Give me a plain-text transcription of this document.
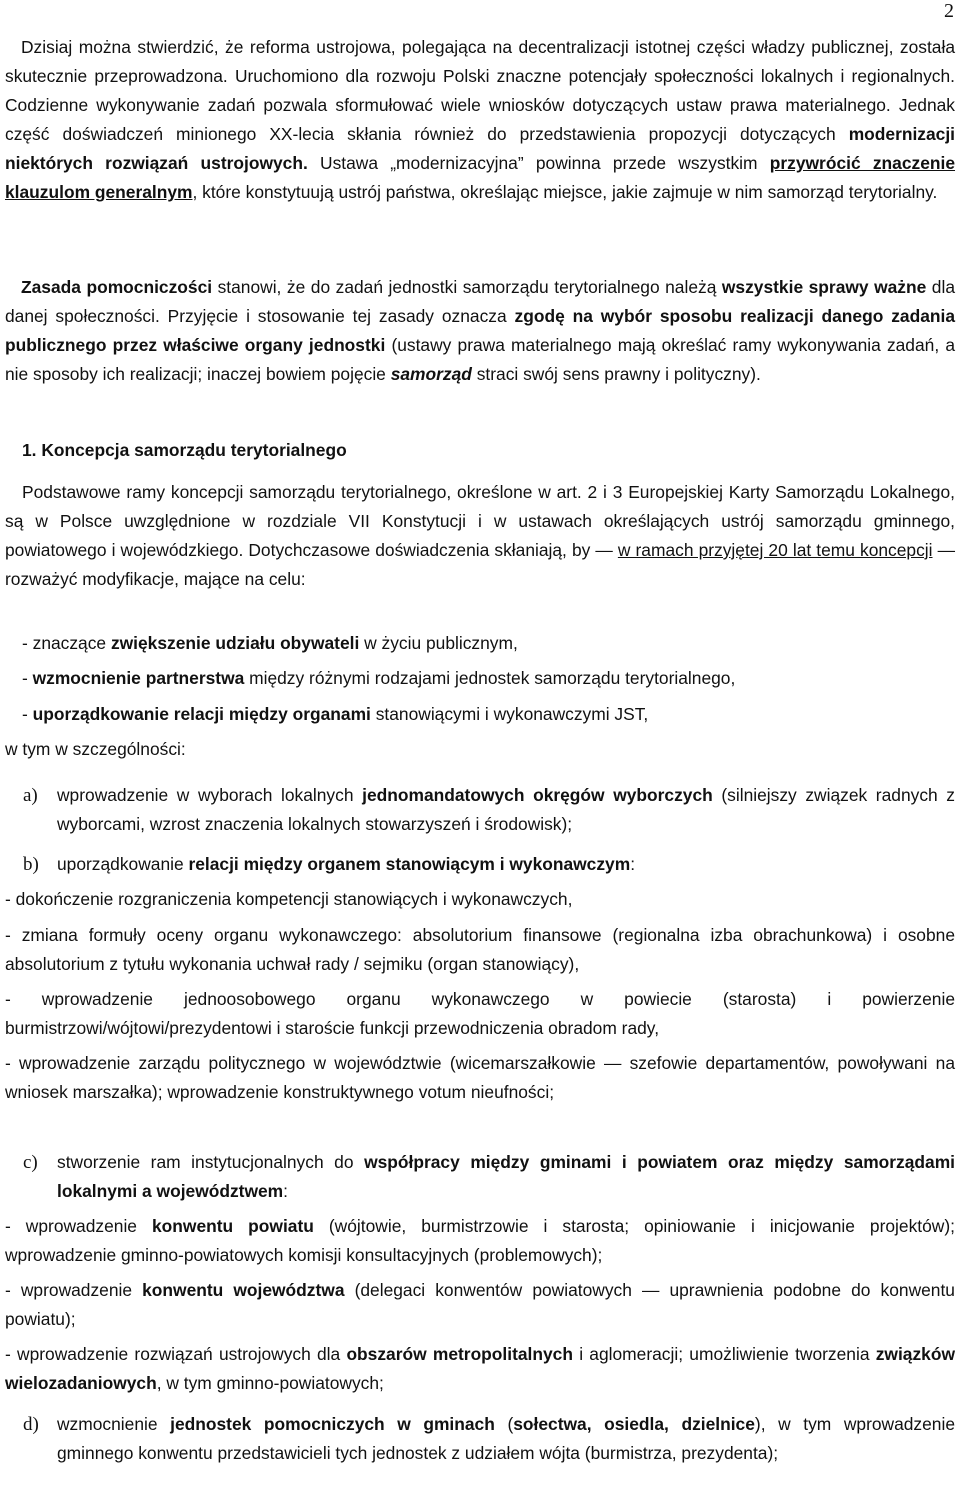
2
Dzisiaj można stwierdzić, że reforma ustrojowa, polegająca na decentralizacji istotnej części władzy publicznej, została skutecznie przeprowadzona. Uruchomiono dla rozwoju Polski znaczne potencjały społeczności lokalnych i regionalnych. Codzienne wykonywanie zadań pozwala sformułować wiele wniosków dotyczących ustaw prawa materialnego. Jednak część doświadczeń minionego XX-lecia skłania również do przedstawienia propozycji dotyczących modernizacji niektórych rozwiązań ustrojowych. Ustawa „modernizacyjna” powinna przede wszystkim przywrócić znaczenie klauzulom generalnym, które konstytuują ustrój państwa, określając miejsce, jakie zajmuje w nim samorząd terytorialny.
Zasada pomocniczości stanowi, że do zadań jednostki samorządu terytorialnego należą wszystkie sprawy ważne dla danej społeczności. Przyjęcie i stosowanie tej zasady oznacza zgodę na wybór sposobu realizacji danego zadania publicznego przez właściwe organy jednostki (ustawy prawa materialnego mają określać ramy wykonywania zadań, a nie sposoby ich realizacji; inaczej bowiem pojęcie samorząd straci swój sens prawny i polityczny).
1. Koncepcja samorządu terytorialnego
Podstawowe ramy koncepcji samorządu terytorialnego, określone w art. 2 i 3 Europejskiej Karty Samorządu Lokalnego, są w Polsce uwzględnione w rozdziale VII Konstytucji i w ustawach określających ustrój samorządu gminnego, powiatowego i wojewódzkiego. Dotychczasowe doświadczenia skłaniają, by — w ramach przyjętej 20 lat temu koncepcji — rozważyć modyfikacje, mające na celu:
- znaczące zwiększenie udziału obywateli w życiu publicznym,
- wzmocnienie partnerstwa między różnymi rodzajami jednostek samorządu terytorialnego,
- uporządkowanie relacji między organami stanowiącymi i wykonawczymi JST,
w tym w szczególności:
a) wprowadzenie w wyborach lokalnych jednomandatowych okręgów wyborczych (silniejszy związek radnych z wyborcami, wzrost znaczenia lokalnych stowarzyszeń i środowisk);
b) uporządkowanie relacji między organem stanowiącym i wykonawczym:
- dokończenie rozgraniczenia kompetencji stanowiących i wykonawczych,
- zmiana formuły oceny organu wykonawczego: absolutorium finansowe (regionalna izba obrachunkowa) i osobne absolutorium z tytułu wykonania uchwał rady / sejmiku (organ stanowiący),
- wprowadzenie jednoosobowego organu wykonawczego w powiecie (starosta) i powierzenie burmistrzowi/wójtowi/prezydentowi i staroście funkcji przewodniczenia obradom rady,
- wprowadzenie zarządu politycznego w województwie (wicemarszałkowie — szefowie departamentów, powoływani na wniosek marszałka); wprowadzenie konstruktywnego votum nieufności;
c) stworzenie ram instytucjonalnych do współpracy między gminami i powiatem oraz między samorządami lokalnymi a województwem:
- wprowadzenie konwentu powiatu (wójtowie, burmistrzowie i starosta; opiniowanie i inicjowanie projektów); wprowadzenie gminno-powiatowych komisji konsultacyjnych (problemowych);
- wprowadzenie konwentu województwa (delegaci konwentów powiatowych — uprawnienia podobne do konwentu powiatu);
- wprowadzenie rozwiązań ustrojowych dla obszarów metropolitalnych i aglomeracji; umożliwienie tworzenia związków wielozadaniowych, w tym gminno-powiatowych;
d) wzmocnienie jednostek pomocniczych w gminach (sołectwa, osiedla, dzielnice), w tym wprowadzenie gminnego konwentu przedstawicieli tych jednostek z udziałem wójta (burmistrza, prezydenta);
